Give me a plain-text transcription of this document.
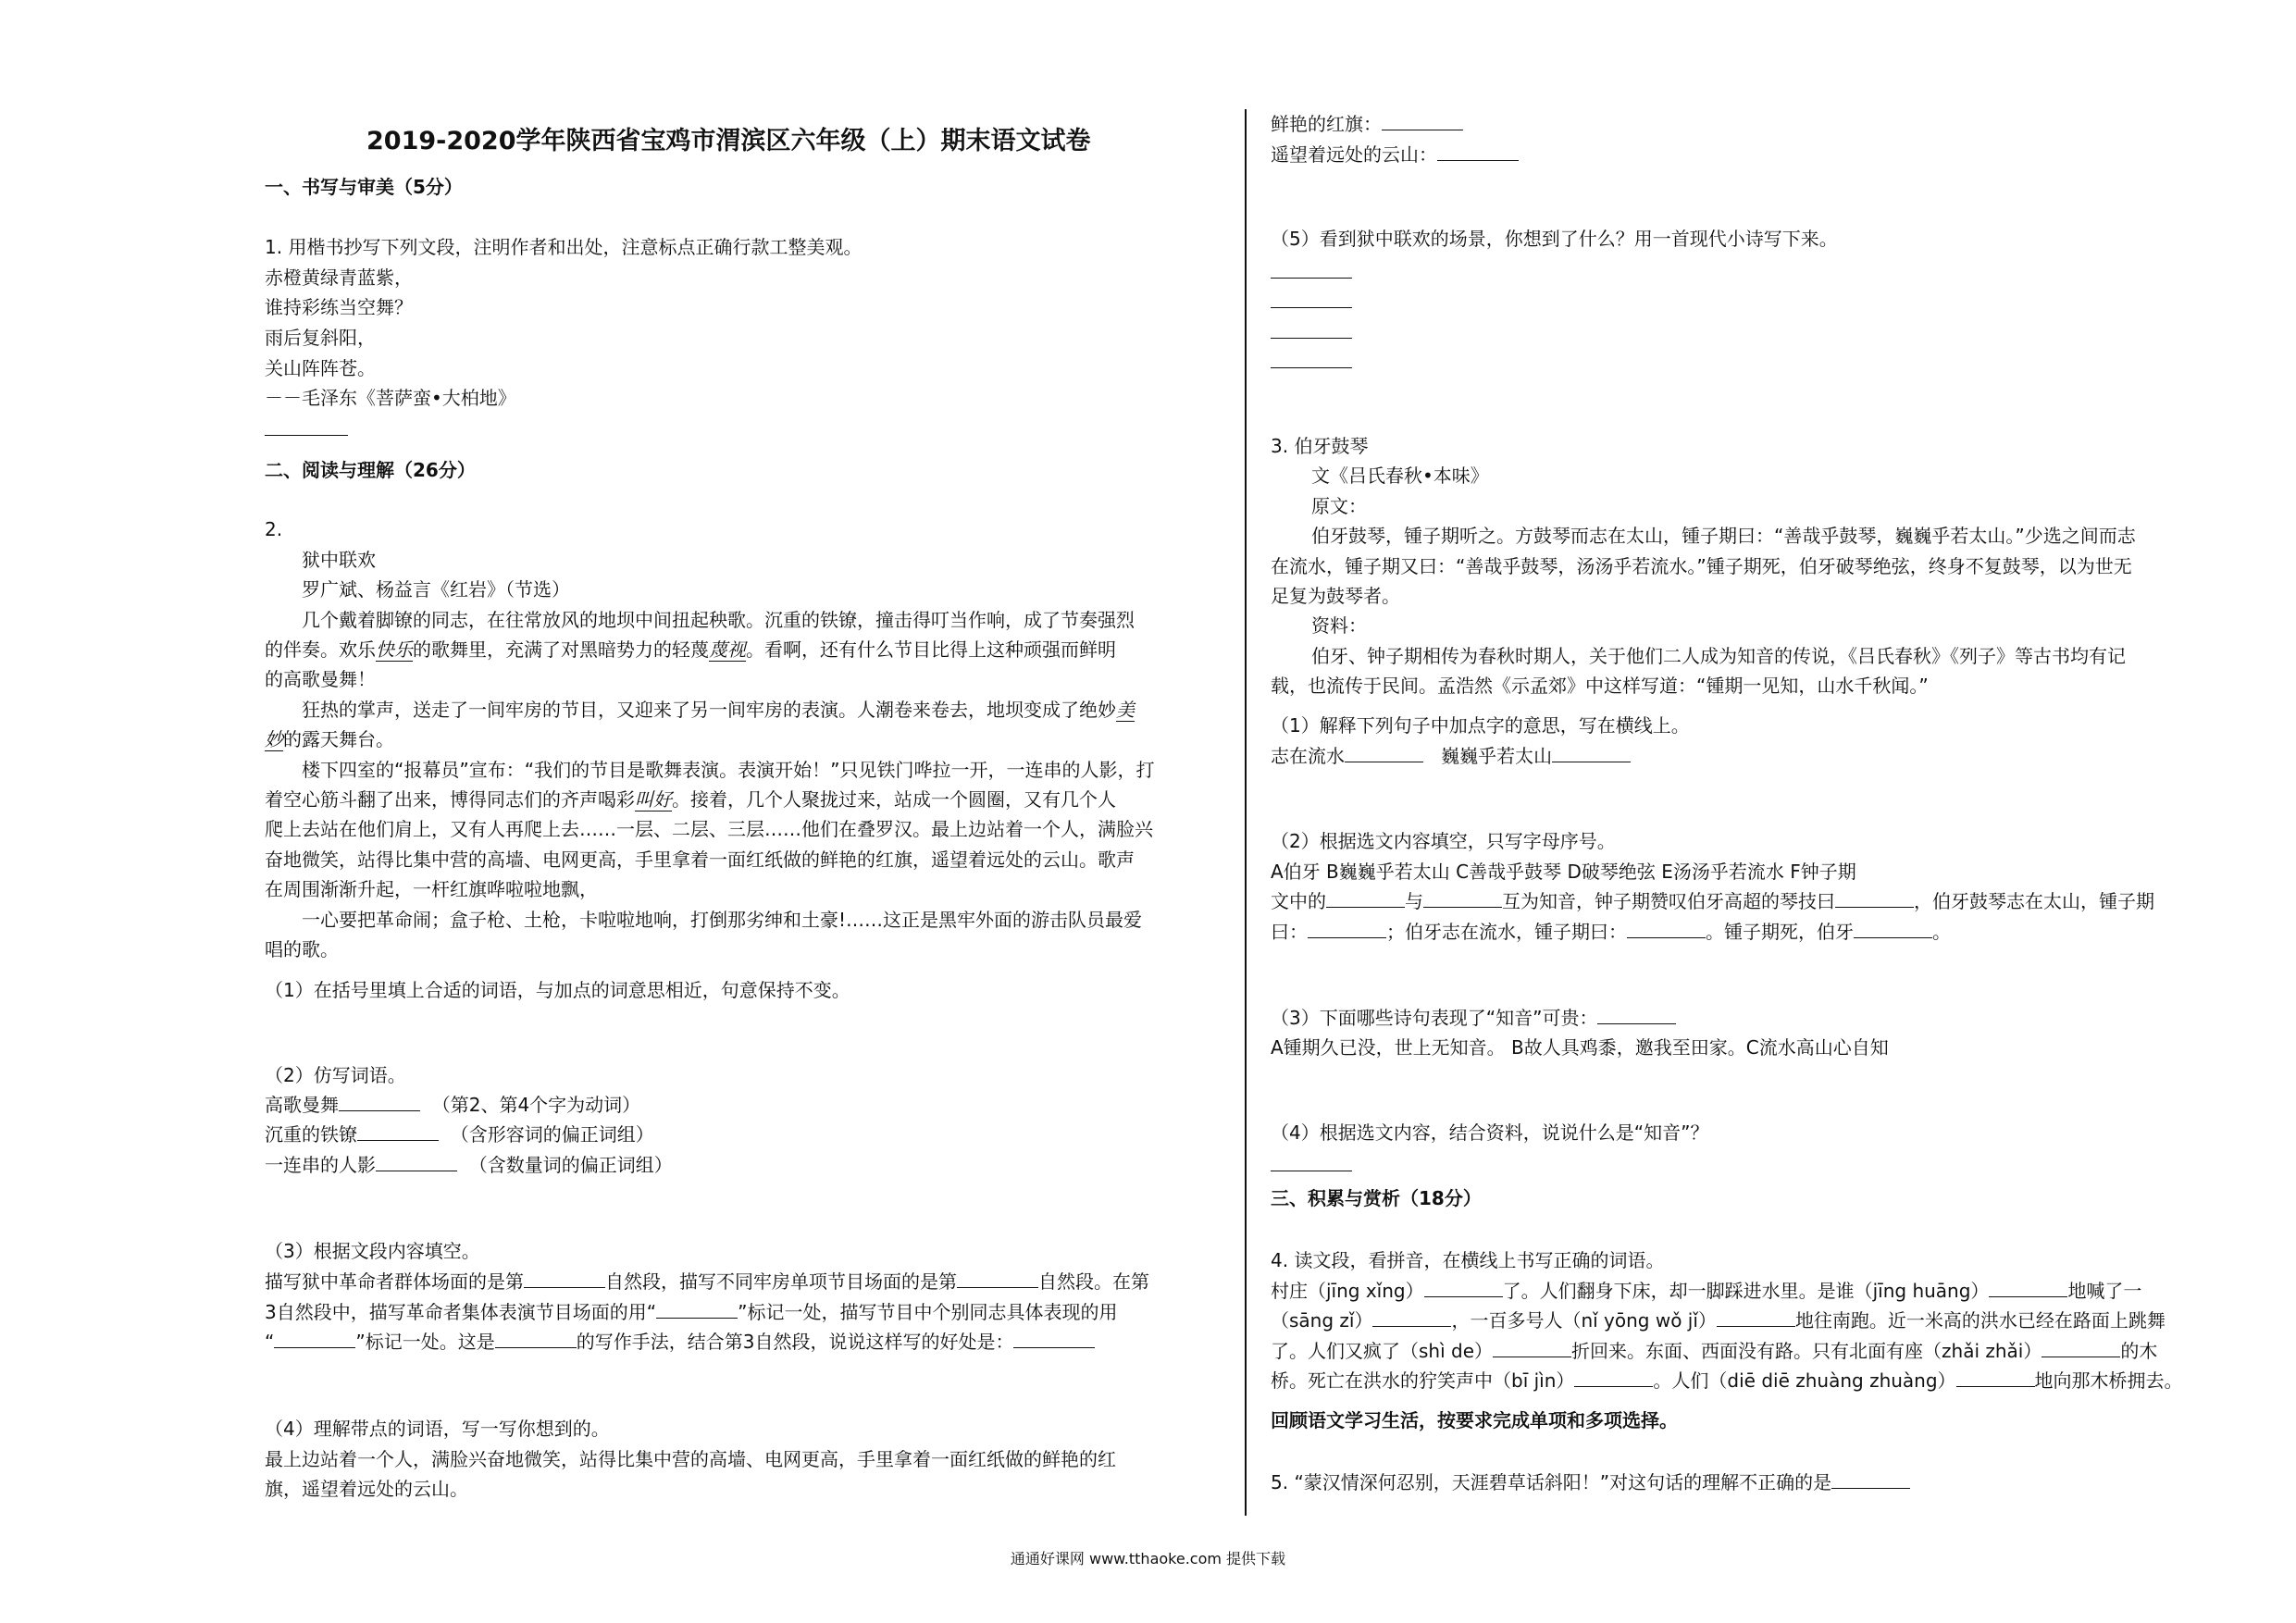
2019-2020学年陕西省宝鸡市渭滨区六年级（上）期末语文试卷
一、书写与审美（5分）
1. 用楷书抄写下列文段，注明作者和出处，注意标点正确行款工整美观。
赤橙黄绿青蓝紫，
谁持彩练当空舞？
雨后复斜阳，
关山阵阵苍。
－－毛泽东《菩萨蛮•大柏地》
二、阅读与理解（26分）
2.
狱中联欢
罗广斌、杨益言《红岩》（节选）
几个戴着脚镣的同志，在往常放风的地坝中间扭起秧歌。沉重的铁镣，撞击得叮当作响，成了节奏强烈
的伴奏。欢乐快乐的歌舞里，充满了对黑暗势力的轻蔑蔑视。看啊，还有什么节目比得上这种顽强而鲜明
的高歌曼舞！
狂热的掌声，送走了一间牢房的节目，又迎来了另一间牢房的表演。人潮卷来卷去，地坝变成了绝妙美
妙的露天舞台。
楼下四室的“报幕员”宣布：“我们的节目是歌舞表演。表演开始！”只见铁门哗拉一开，一连串的人影，打
着空心筋斗翻了出来，博得同志们的齐声喝彩叫好。接着，几个人聚拢过来，站成一个圆圈，又有几个人
爬上去站在他们肩上，又有人再爬上去……一层、二层、三层……他们在叠罗汉。最上边站着一个人，满脸兴
奋地微笑，站得比集中营的高墙、电网更高，手里拿着一面红纸做的鲜艳的红旗，遥望着远处的云山。歌声
在周围渐渐升起，一杆红旗哗啦啦地飘，
一心要把革命闹；盒子枪、土枪，卡啦啦地响，打倒那劣绅和土豪!……这正是黑牢外面的游击队员最爱
唱的歌。
（1）在括号里填上合适的词语，与加点的词意思相近，句意保持不变。
（2）仿写词语。
高歌曼舞	（第2、第4个字为动词）
沉重的铁镣	（含形容词的偏正词组）
一连串的人影	（含数量词的偏正词组）
（3）根据文段内容填空。
描写狱中革命者群体场面的是第	自然段，描写不同牢房单项节目场面的是第	自然段。在第
3自然段中，描写革命者集体表演节目场面的用“	”标记一处，描写节目中个别同志具体表现的用
“	”标记一处。这是	的写作手法，结合第3自然段，说说这样写的好处是：
（4）理解带点的词语，写一写你想到的。
最上边站着一个人，满脸兴奋地微笑，站得比集中营的高墙、电网更高，手里拿着一面红纸做的鲜艳的红
旗，遥望着远处的云山。
鲜艳的红旗：
遥望着远处的云山：
（5）看到狱中联欢的场景，你想到了什么？用一首现代小诗写下来。
3. 伯牙鼓琴
文《吕氏春秋•本味》
原文：
伯牙鼓琴，锺子期听之。方鼓琴而志在太山，锺子期曰：“善哉乎鼓琴，巍巍乎若太山。”少选之间而志
在流水，锺子期又曰：“善哉乎鼓琴，汤汤乎若流水。”锺子期死，伯牙破琴绝弦，终身不复鼓琴，以为世无
足复为鼓琴者。
资料：
伯牙、钟子期相传为春秋时期人，关于他们二人成为知音的传说，《吕氏春秋》《列子》等古书均有记
载，也流传于民间。孟浩然《示孟郊》中这样写道：“锺期一见知，山水千秋闻。”
（1）解释下列句子中加点字的意思，写在横线上。
志在流水	巍巍乎若太山
（2）根据选文内容填空，只写字母序号。
A伯牙 B巍巍乎若太山 C善哉乎鼓琴 D破琴绝弦 E汤汤乎若流水 F钟子期
文中的	与	互为知音，钟子期赞叹伯牙高超的琴技曰	，伯牙鼓琴志在太山，锺子期
曰：	；伯牙志在流水，锺子期曰：	。锺子期死，伯牙	。
（3）下面哪些诗句表现了“知音”可贵：
A锺期久已没，世上无知音。 B故人具鸡黍，邀我至田家。C流水高山心自知
（4）根据选文内容，结合资料，说说什么是“知音”？
三、积累与赏析（18分）
4. 读文段，看拼音，在横线上书写正确的词语。
村庄（jīng xǐng）	了。人们翻身下床，却一脚踩进水里。是谁（jīng huāng）	地喊了一
（sāng zǐ）	，一百多号人（nǐ yōng wǒ jǐ）	地往南跑。近一米高的洪水已经在路面上跳舞
了。人们又疯了（shì de）	折回来。东面、西面没有路。只有北面有座（zhǎi zhǎi）	的木
桥。死亡在洪水的狞笑声中（bī jìn）	。人们（diē diē zhuàng zhuàng）	地向那木桥拥去。
回顾语文学习生活，按要求完成单项和多项选择。
5. “蒙汉情深何忍别，天涯碧草话斜阳！”对这句话的理解不正确的是
通通好课网 www.tthaoke.com 提供下载
